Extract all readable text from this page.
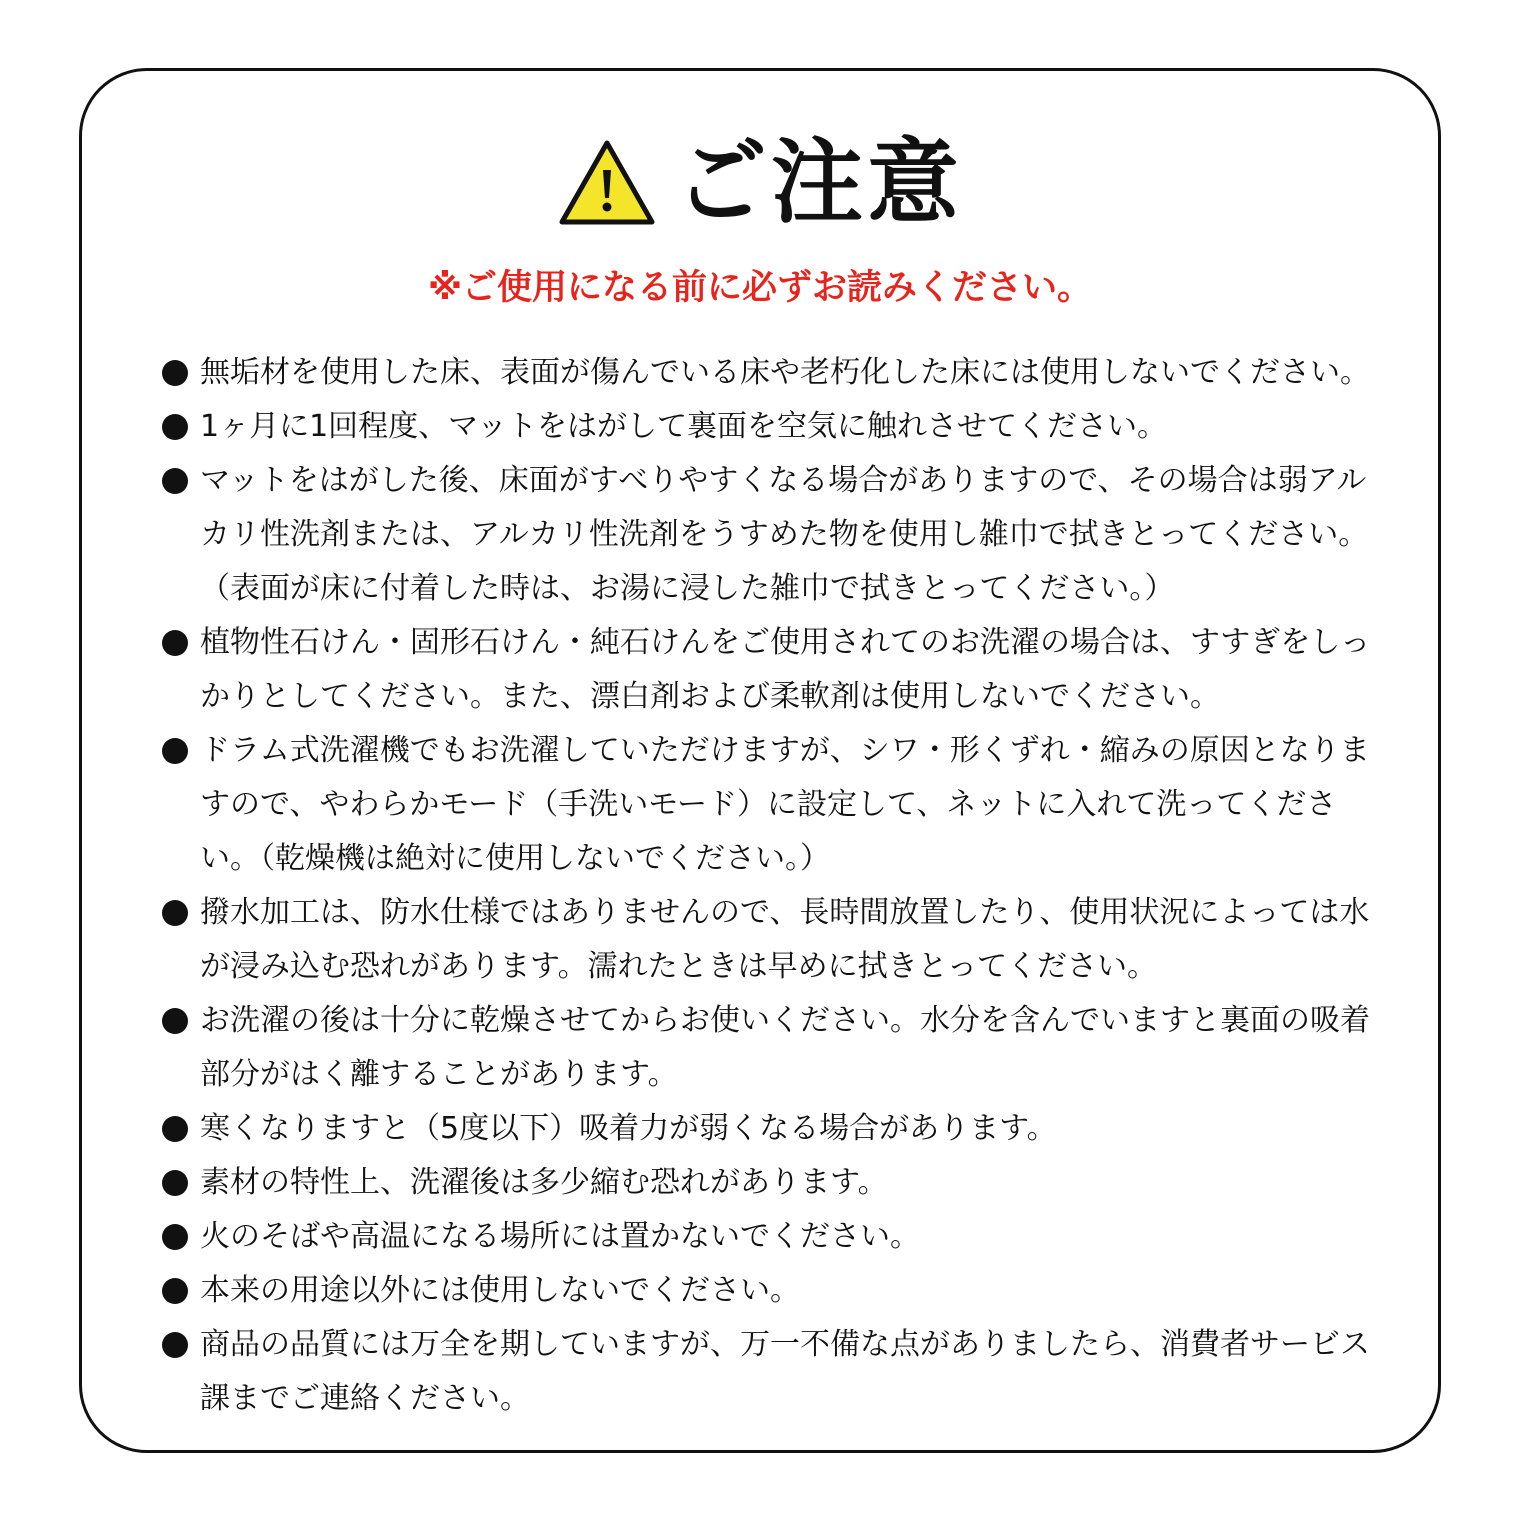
ご注意
※ご使用になる前に必ずお読みください。
無垢材を使用した床、表面が傷んでいる床や老朽化した床には使用しないでください。
1ヶ月に1回程度、マットをはがして裏面を空気に触れさせてください。
マットをはがした後、床面がすべりやすくなる場合がありますので、その場合は弱アルカリ性洗剤または、アルカリ性洗剤をうすめた物を使用し雑巾で拭きとってください。（表面が床に付着した時は、お湯に浸した雑巾で拭きとってください。）
植物性石けん・固形石けん・純石けんをご使用されてのお洗濯の場合は、すすぎをしっかりとしてください。また、漂白剤および柔軟剤は使用しないでください。
ドラム式洗濯機でもお洗濯していただけますが、シワ・形くずれ・縮みの原因となりますので、やわらかモード（手洗いモード）に設定して、ネットに入れて洗ってください。（乾燥機は絶対に使用しないでください。）
撥水加工は、防水仕様ではありませんので、長時間放置したり、使用状況によっては水が浸み込む恐れがあります。濡れたときは早めに拭きとってください。
お洗濯の後は十分に乾燥させてからお使いください。水分を含んでいますと裏面の吸着部分がはく離することがあります。
寒くなりますと（5度以下）吸着力が弱くなる場合があります。
素材の特性上、洗濯後は多少縮む恐れがあります。
火のそばや高温になる場所には置かないでください。
本来の用途以外には使用しないでください。
商品の品質には万全を期していますが、万一不備な点がありましたら、消費者サービス課までご連絡ください。
